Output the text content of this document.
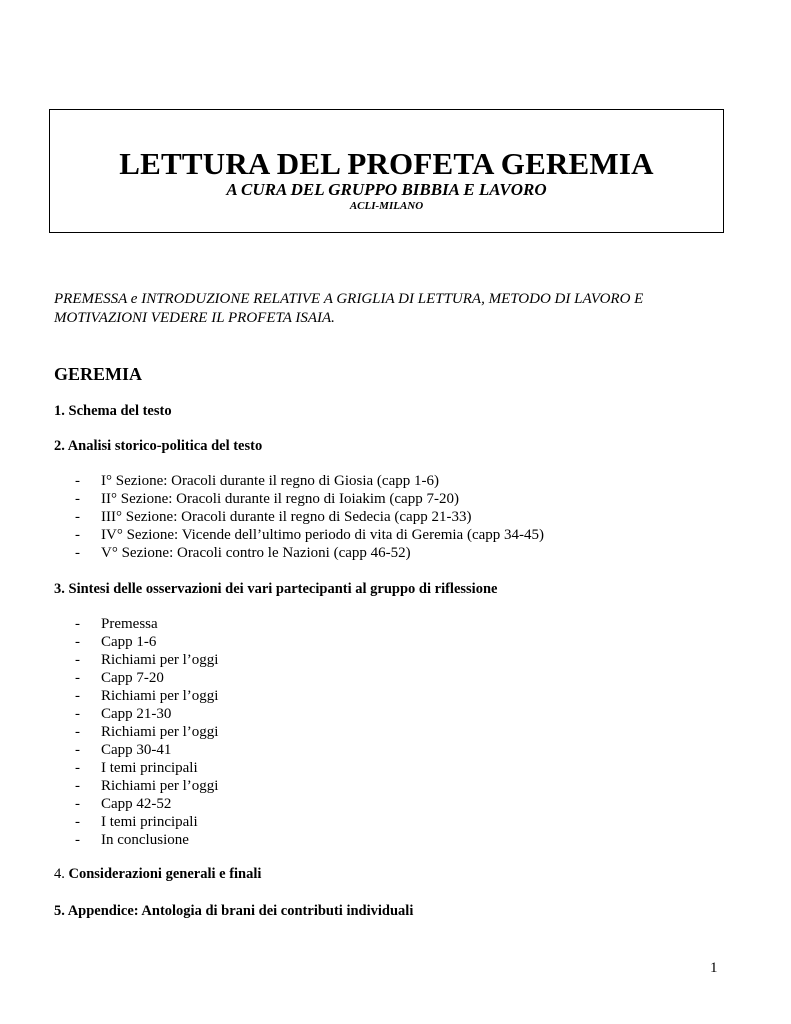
LETTURA DEL PROFETA GEREMIA
A CURA DEL GRUPPO BIBBIA E LAVORO
ACLI-MILANO

PREMESSA e INTRODUZIONE RELATIVE A GRIGLIA DI LETTURA, METODO DI LAVORO E
MOTIVAZIONI VEDERE IL PROFETA ISAIA.

GEREMIA

1. Schema del testo

2. Analisi storico-politica del testo

- I° Sezione: Oracoli durante il regno di Giosia (capp 1-6)
- II° Sezione: Oracoli durante il regno di Ioiakim (capp 7-20)
- III° Sezione: Oracoli durante il regno di Sedecia (capp 21-33)
- IV° Sezione: Vicende dell’ultimo periodo di vita di Geremia (capp 34-45)
- V° Sezione: Oracoli contro le Nazioni (capp 46-52)

3. Sintesi delle osservazioni dei vari partecipanti al gruppo di riflessione

- Premessa
- Capp 1-6
- Richiami per l’oggi
- Capp 7-20
- Richiami per l’oggi
- Capp 21-30
- Richiami per l’oggi
- Capp 30-41
- I temi principali
- Richiami per l’oggi
- Capp 42-52
- I temi principali
- In conclusione

4. Considerazioni generali e finali

5. Appendice: Antologia di brani dei contributi individuali

1
